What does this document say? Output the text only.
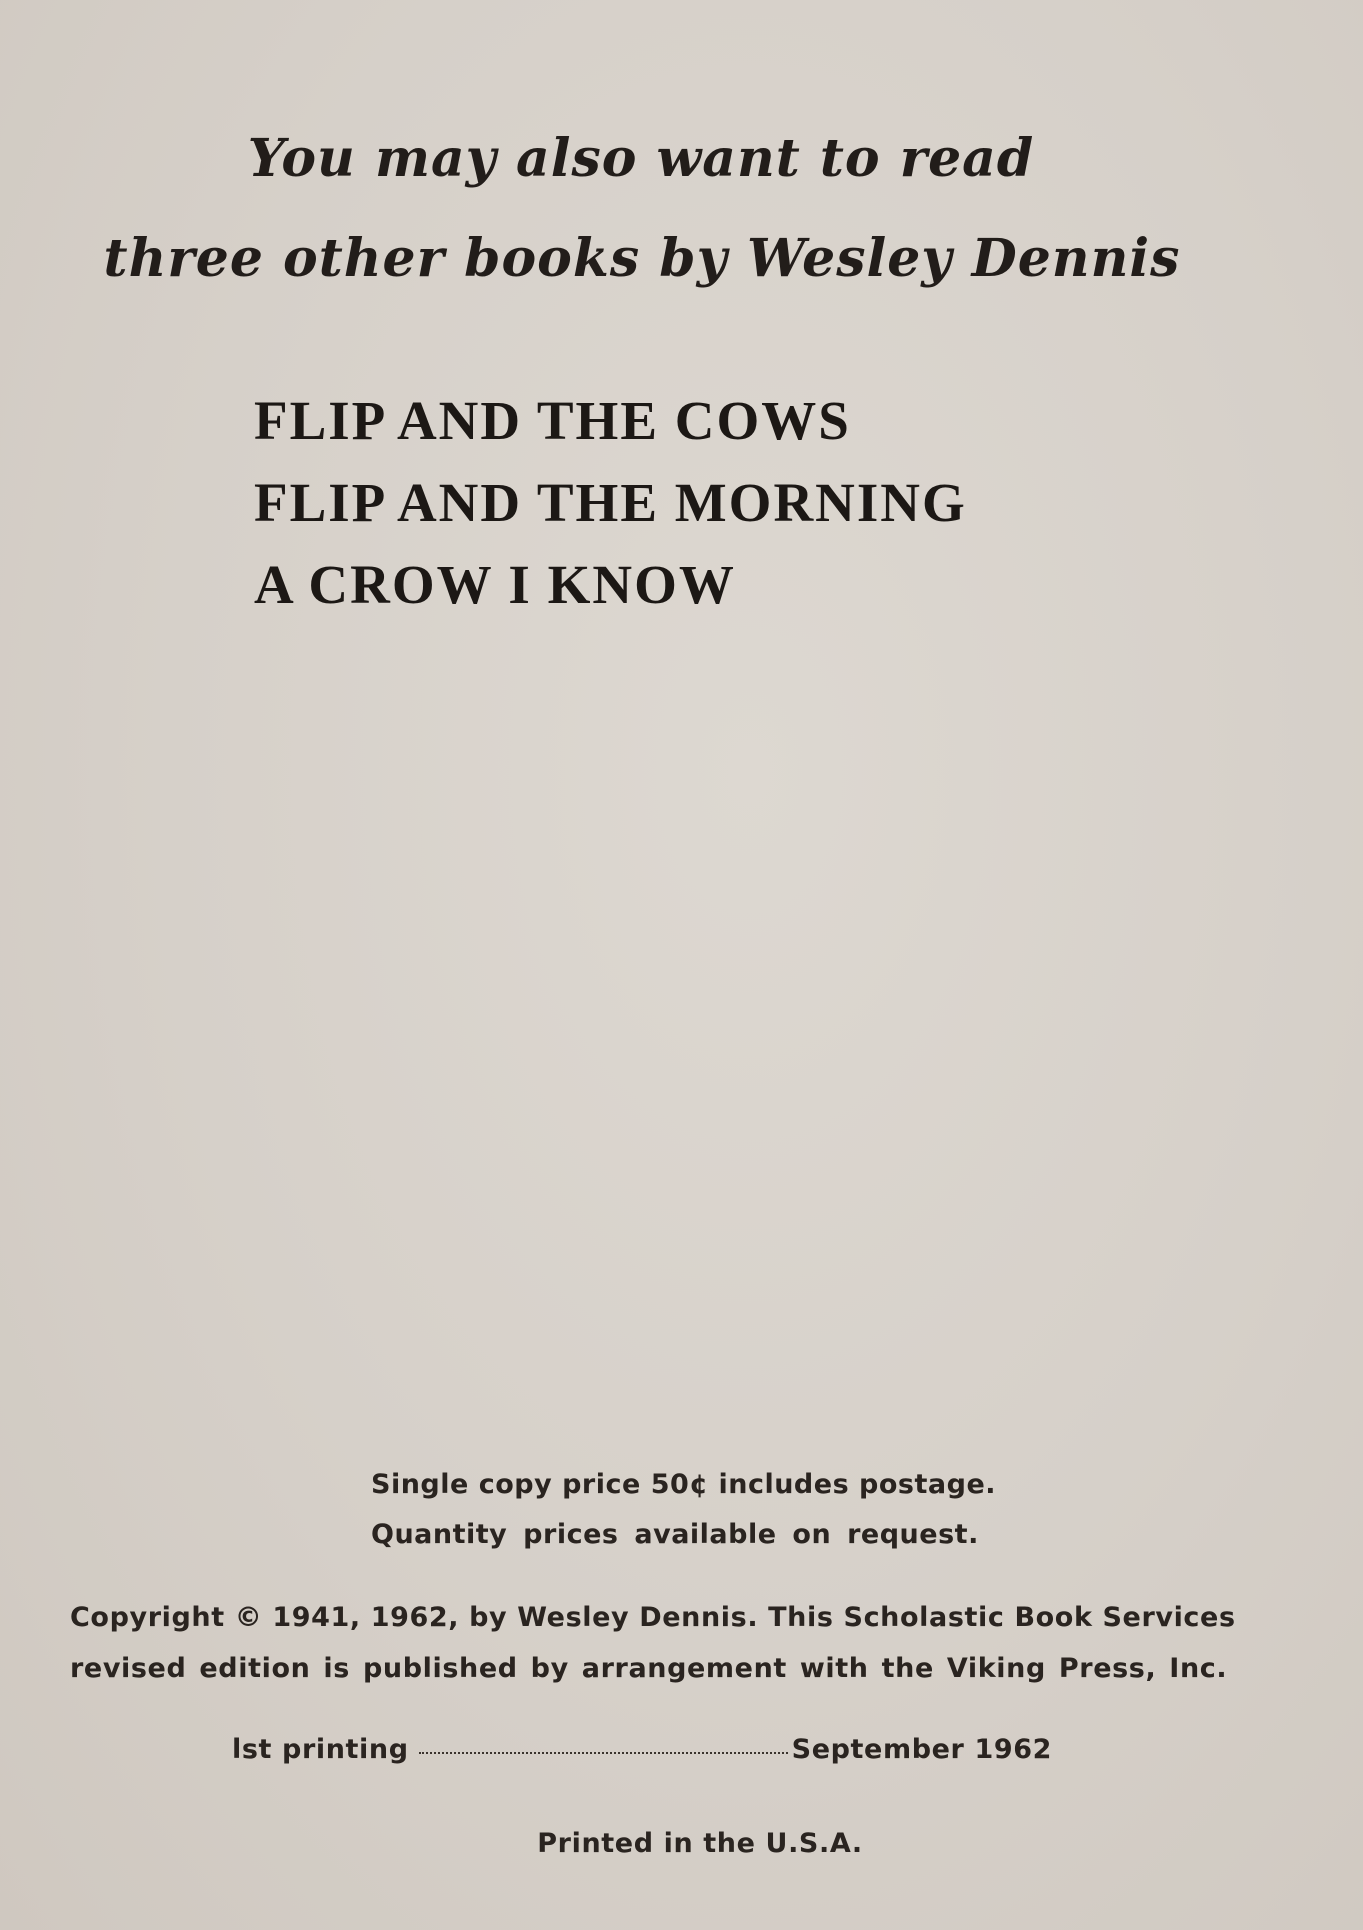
You may also want to read
three other books by Wesley Dennis
FLIP AND THE COWS
FLIP AND THE MORNING
A CROW I KNOW
Single copy price 50¢ includes postage.
Quantity prices available on request.
Copyright © 1941, 1962, by Wesley Dennis. This Scholastic Book Services
revised edition is published by arrangement with the Viking Press, Inc.
lst printing	September 1962
Printed in the U.S.A.
